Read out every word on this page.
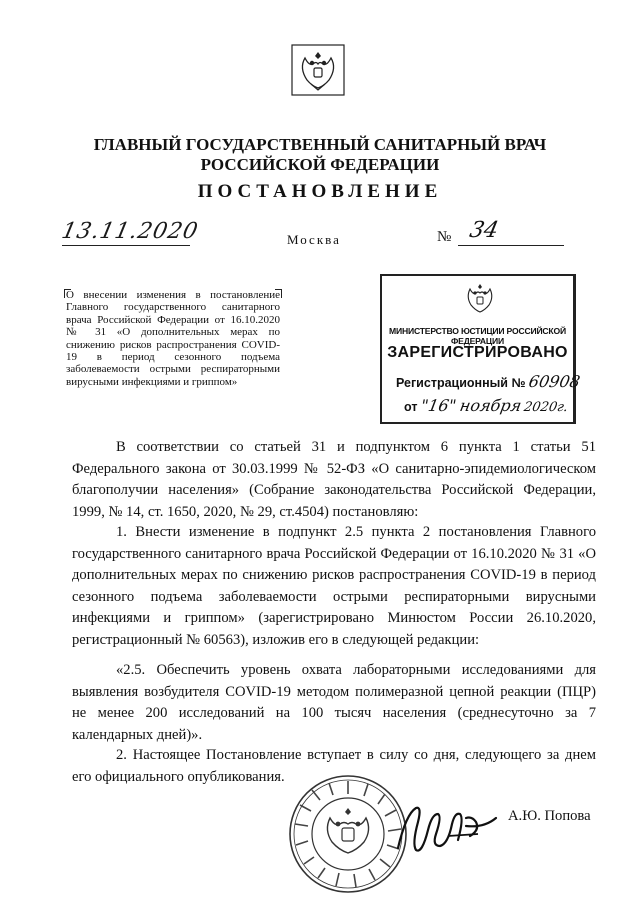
ГЛАВНЫЙ ГОСУДАРСТВЕННЫЙ САНИТАРНЫЙ ВРАЧ
РОССИЙСКОЙ ФЕДЕРАЦИИ
ПОСТАНОВЛЕНИЕ
13.11.2020	Москва	№ 34
О внесении изменения в постановление Главного государственного санитарного врача Российской Федерации от 16.10.2020 № 31 «О дополнительных мерах по снижению рисков распространения COVID-19 в период сезонного подъема заболеваемости острыми респираторными вирусными инфекциями и гриппом»
МИНИСТЕРСТВО ЮСТИЦИИ РОССИЙСКОЙ ФЕДЕРАЦИИ
ЗАРЕГИСТРИРОВАНО
Регистрационный № 60908
от "16" ноября 2020г.

В соответствии со статьей 31 и подпунктом 6 пункта 1 статьи 51 Федерального закона от 30.03.1999 № 52-ФЗ «О санитарно-эпидемиологическом благополучии населения» (Собрание законодательства Российской Федерации, 1999, № 14, ст. 1650, 2020, № 29, ст.4504) постановляю:

1. Внести изменение в подпункт 2.5 пункта 2 постановления Главного государственного санитарного врача Российской Федерации от 16.10.2020 № 31 «О дополнительных мерах по снижению рисков распространения COVID-19 в период сезонного подъема заболеваемости острыми респираторными вирусными инфекциями и гриппом» (зарегистрировано Минюстом России 26.10.2020, регистрационный № 60563), изложив его в следующей редакции:

«2.5. Обеспечить уровень охвата лабораторными исследованиями для выявления возбудителя COVID-19 методом полимеразной цепной реакции (ПЦР) не менее 200 исследований на 100 тысяч населения (среднесуточно за 7 календарных дней)».

2. Настоящее Постановление вступает в силу со дня, следующего за днем его официального опубликования.

А.Ю. Попова
